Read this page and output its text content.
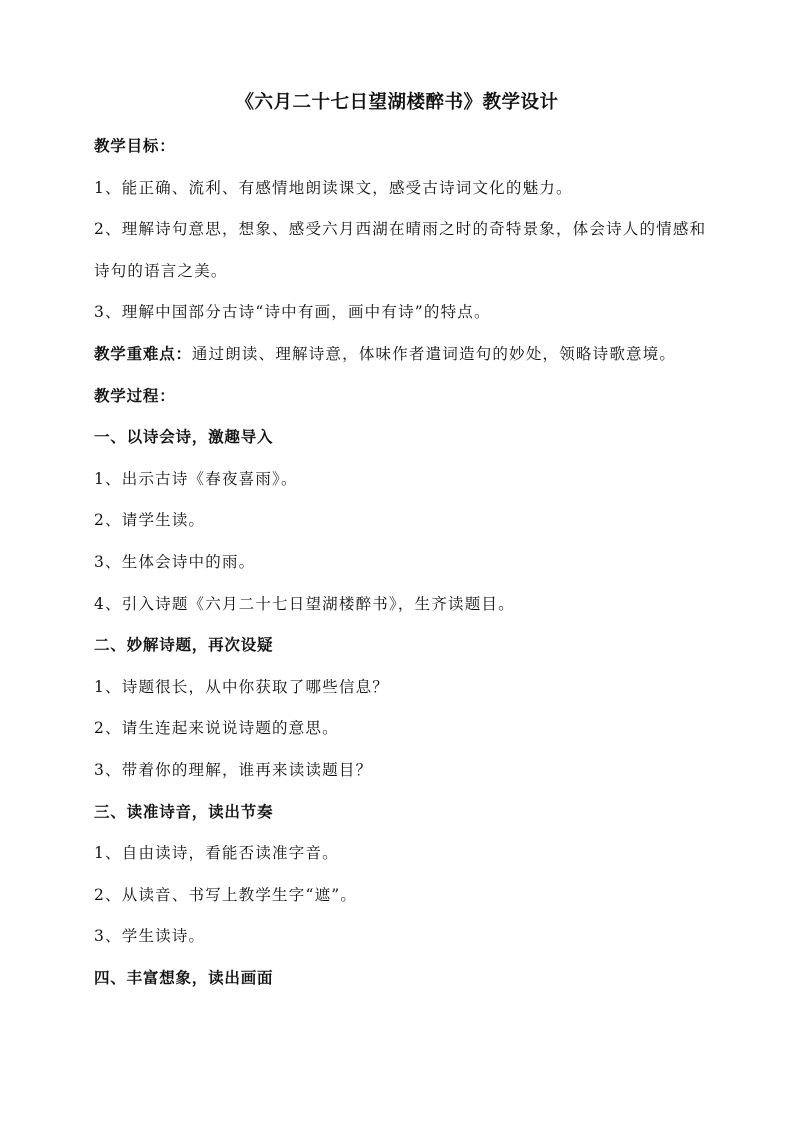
《六月二十七日望湖楼醉书》教学设计

教学目标：

1、能正确、流利、有感情地朗读课文，感受古诗词文化的魅力。

2、理解诗句意思，想象、感受六月西湖在晴雨之时的奇特景象，体会诗人的情感和诗句的语言之美。

3、理解中国部分古诗“诗中有画，画中有诗”的特点。

教学重难点：通过朗读、理解诗意，体味作者遣词造句的妙处，领略诗歌意境。

教学过程：

一、以诗会诗，激趣导入

1、出示古诗《春夜喜雨》。

2、请学生读。

3、生体会诗中的雨。

4、引入诗题《六月二十七日望湖楼醉书》，生齐读题目。

二、妙解诗题，再次设疑

1、诗题很长，从中你获取了哪些信息？

2、请生连起来说说诗题的意思。

3、带着你的理解，谁再来读读题目？

三、读准诗音，读出节奏

1、自由读诗，看能否读准字音。

2、从读音、书写上教学生字“遮”。

3、学生读诗。

四、丰富想象，读出画面
